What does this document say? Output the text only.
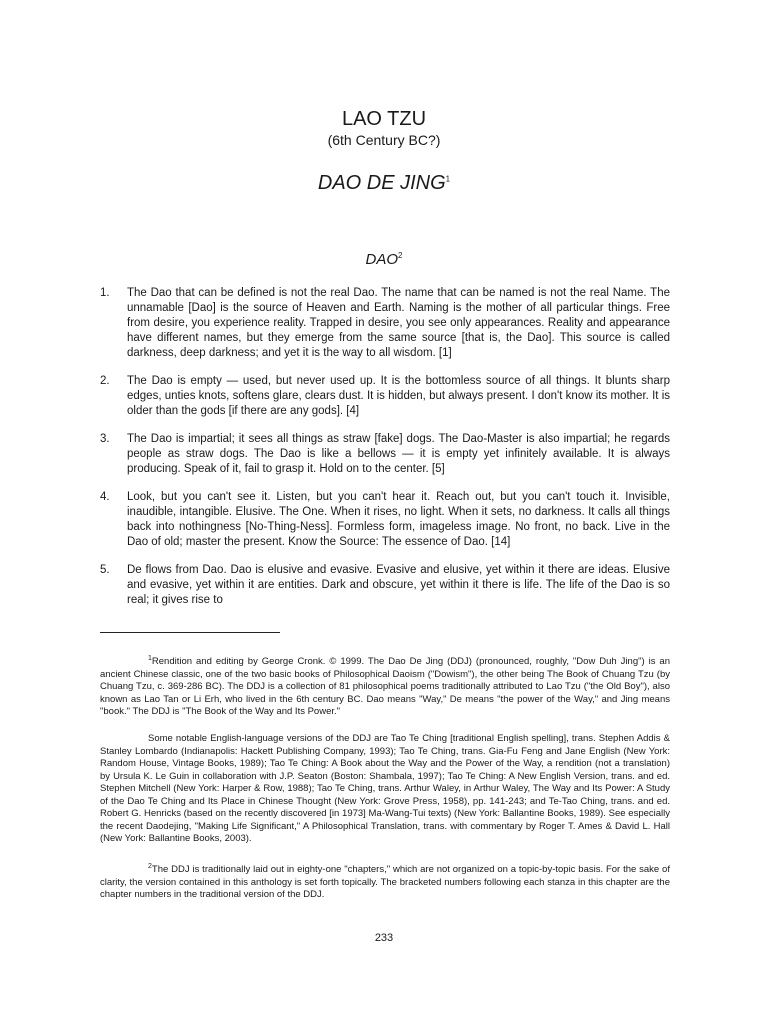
LAO TZU
(6th Century BC?)
DAO DE JING$^1$
DAO$^2$
1. The Dao that can be defined is not the real Dao. The name that can be named is not the real Name. The unnamable [Dao] is the source of Heaven and Earth. Naming is the mother of all particular things. Free from desire, you experience reality. Trapped in desire, you see only appearances. Reality and appearance have different names, but they emerge from the same source [that is, the Dao]. This source is called darkness, deep darkness; and yet it is the way to all wisdom. [1]
2. The Dao is empty — used, but never used up. It is the bottomless source of all things. It blunts sharp edges, unties knots, softens glare, clears dust. It is hidden, but always present. I don't know its mother. It is older than the gods [if there are any gods]. [4]
3. The Dao is impartial; it sees all things as straw [fake] dogs. The Dao-Master is also impartial; he regards people as straw dogs. The Dao is like a bellows — it is empty yet infinitely available. It is always producing. Speak of it, fail to grasp it. Hold on to the center. [5]
4. Look, but you can't see it. Listen, but you can't hear it. Reach out, but you can't touch it. Invisible, inaudible, intangible. Elusive. The One. When it rises, no light. When it sets, no darkness. It calls all things back into nothingness [No-Thing-Ness]. Formless form, imageless image. No front, no back. Live in the Dao of old; master the present. Know the Source: The essence of Dao. [14]
5. De flows from Dao. Dao is elusive and evasive. Evasive and elusive, yet within it there are ideas. Elusive and evasive, yet within it are entities. Dark and obscure, yet within it there is life. The life of the Dao is so real; it gives rise to
$^1$Rendition and editing by George Cronk. © 1999. The Dao De Jing (DDJ) (pronounced, roughly, "Dow Duh Jing") is an ancient Chinese classic, one of the two basic books of Philosophical Daoism ("Dowism"), the other being The Book of Chuang Tzu (by Chuang Tzu, c. 369-286 BC). The DDJ is a collection of 81 philosophical poems traditionally attributed to Lao Tzu ("the Old Boy"), also known as Lao Tan or Li Erh, who lived in the 6th century BC. Dao means "Way," De means "the power of the Way," and Jing means "book." The DDJ is "The Book of the Way and Its Power."
Some notable English-language versions of the DDJ are Tao Te Ching [traditional English spelling], trans. Stephen Addis & Stanley Lombardo (Indianapolis: Hackett Publishing Company, 1993); Tao Te Ching, trans. Gia-Fu Feng and Jane English (New York: Random House, Vintage Books, 1989); Tao Te Ching: A Book about the Way and the Power of the Way, a rendition (not a translation) by Ursula K. Le Guin in collaboration with J.P. Seaton (Boston: Shambala, 1997); Tao Te Ching: A New English Version, trans. and ed. Stephen Mitchell (New York: Harper & Row, 1988); Tao Te Ching, trans. Arthur Waley, in Arthur Waley, The Way and Its Power: A Study of the Dao Te Ching and Its Place in Chinese Thought (New York: Grove Press, 1958), pp. 141-243; and Te-Tao Ching, trans. and ed. Robert G. Henricks (based on the recently discovered [in 1973] Ma-Wang-Tui texts) (New York: Ballantine Books, 1989). See especially the recent Daodejing, "Making Life Significant," A Philosophical Translation, trans. with commentary by Roger T. Ames & David L. Hall (New York: Ballantine Books, 2003).
$^2$The DDJ is traditionally laid out in eighty-one "chapters," which are not organized on a topic-by-topic basis. For the sake of clarity, the version contained in this anthology is set forth topically. The bracketed numbers following each stanza in this chapter are the chapter numbers in the traditional version of the DDJ.
233
